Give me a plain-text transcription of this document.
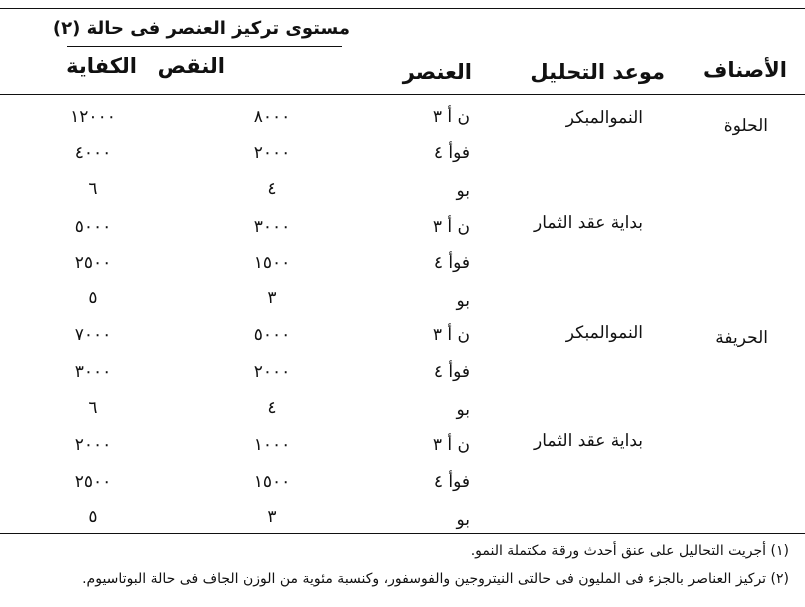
الأصناف
موعد التحليل
العنصر
مستوى تركيز العنصر فى حالة (٢)
النقص
الكفاية
الحلوة
الحريفة
النموالمبكر
بداية عقد الثمار
النموالمبكر
بداية عقد الثمار
ن أ ٣
٨٠٠٠
١٢٠٠٠
فوأ ٤
٢٠٠٠
٤٠٠٠
بو
٤
٦
ن أ ٣
٣٠٠٠
٥٠٠٠
فوأ ٤
١٥٠٠
٢٥٠٠
بو
٣
٥
ن أ ٣
٥٠٠٠
٧٠٠٠
فوأ ٤
٢٠٠٠
٣٠٠٠
بو
٤
٦
ن أ ٣
١٠٠٠
٢٠٠٠
فوأ ٤
١٥٠٠
٢٥٠٠
بو
٣
٥
(١) أجريت التحاليل على عنق أحدث ورقة مكتملة النمو.
(٢) تركيز العناصر بالجزء فى المليون فى حالتى النيتروجين والفوسفور، وكنسبة مئوية من الوزن الجاف فى حالة البوتاسيوم.
